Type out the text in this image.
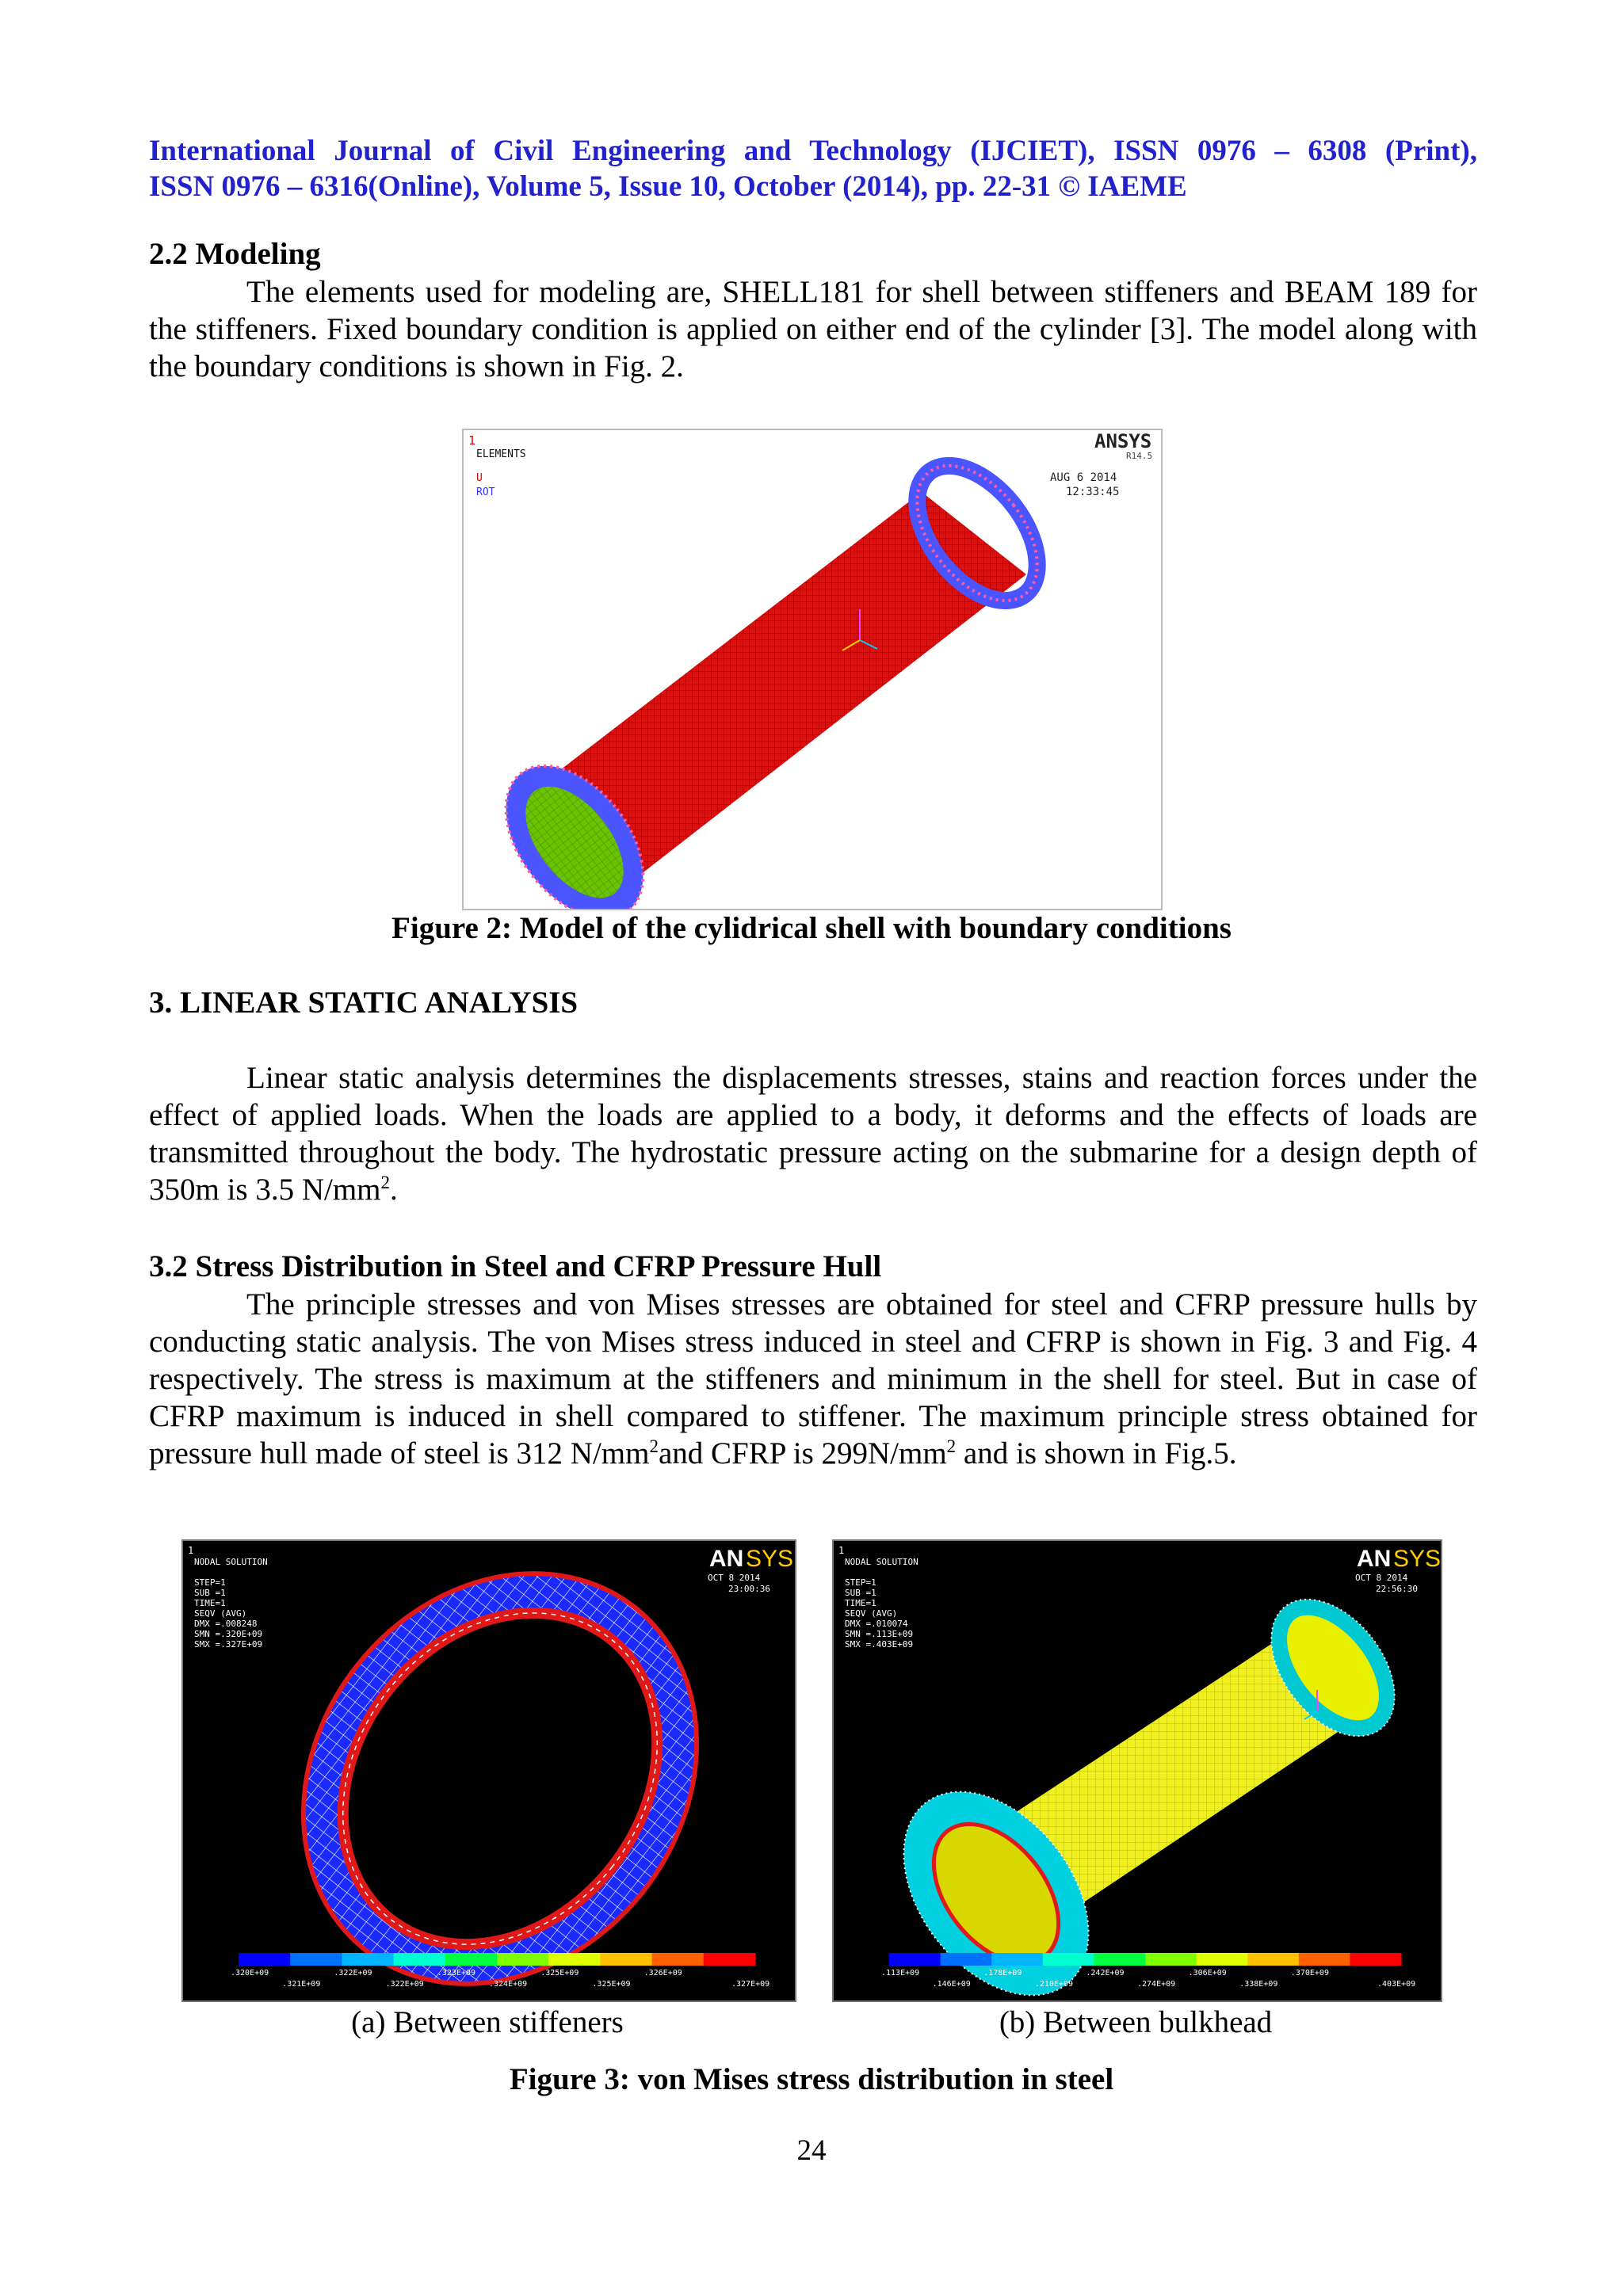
International Journal of Civil Engineering and Technology (IJCIET), ISSN 0976 – 6308 (Print),
ISSN 0976 – 6316(Online), Volume 5, Issue 10, October (2014), pp. 22-31 © IAEME
2.2 Modeling
The elements used for modeling are, SHELL181 for shell between stiffeners and BEAM 189 for the stiffeners. Fixed boundary condition is applied on either end of the cylinder [3]. The model along with the boundary conditions is shown in Fig. 2.
1
ELEMENTS
U
ROT
ANSYS
R14.5
AUG 6 2014
12:33:45
Figure 2: Model of the cylidrical shell with boundary conditions
3. LINEAR STATIC ANALYSIS
Linear static analysis determines the displacements stresses, stains and reaction forces under the effect of applied loads. When the loads are applied to a body, it deforms and the effects of loads are transmitted throughout the body. The hydrostatic pressure acting on the submarine for a design depth of 350m is 3.5 $N/mm^2$.
3.2 Stress Distribution in Steel and CFRP Pressure Hull
The principle stresses and von Mises stresses are obtained for steel and CFRP pressure hulls by conducting static analysis. The von Mises stress induced in steel and CFRP is shown in Fig. 3 and Fig. 4 respectively. The stress is maximum at the stiffeners and minimum in the shell for steel. But in case of CFRP maximum is induced in shell compared to stiffener. The maximum principle stress obtained for pressure hull made of steel is 312 $N/mm^2and$ CFRP is $299N/mm^2$ and is shown in Fig.5.
1
NODAL SOLUTION
STEP=1
SUB =1
TIME=1
SEQV (AVG)
DMX =.008248
SMN =.320E+09
SMX =.327E+09
AN SYS
OCT 8 2014
23:00:36
.320E+09	.322E+09	.323E+09	.325E+09	.326E+09
.321E+09	.322E+09	.324E+09	.325E+09	.327E+09
1
NODAL SOLUTION
STEP=1
SUB =1
TIME=1
SEQV (AVG)
DMX =.010074
SMN =.113E+09
SMX =.403E+09
AN SYS
OCT 8 2014
22:56:30
.113E+09	.178E+09	.242E+09	.306E+09	.370E+09
.146E+09	.210E+09	.274E+09	.338E+09	.403E+09
(a) Between stiffeners	(b) Between bulkhead
Figure 3: von Mises stress distribution in steel
24
